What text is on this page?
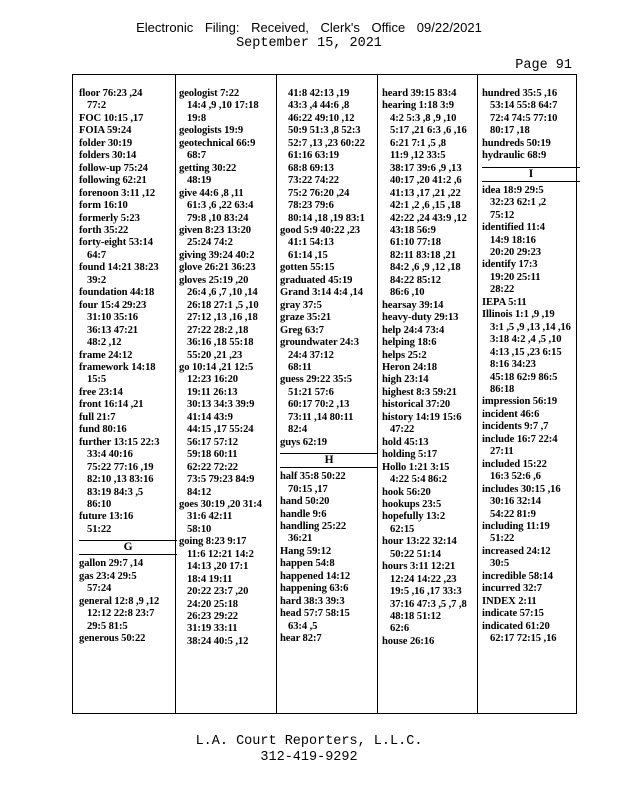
Electronic Filing: Received, Clerk's Office 09/22/2021
September 15, 2021
Page 91
floor 76:23 ,24
77:2
FOC 10:15 ,17
FOIA 59:24
folder 30:19
folders 30:14
follow-up 75:24
following 62:21
forenoon 3:11 ,12
form 16:10
formerly 5:23
forth 35:22
forty-eight 53:14
64:7
found 14:21 38:23
39:2
foundation 44:18
four 15:4 29:23
31:10 35:16
36:13 47:21
48:2 ,12
frame 24:12
framework 14:18
15:5
free 23:14
front 16:14 ,21
full 21:7
fund 80:16
further 13:15 22:3
33:4 40:16
75:22 77:16 ,19
82:10 ,13 83:16
83:19 84:3 ,5
86:10
future 13:16
51:22
G
gallon 29:7 ,14
gas 23:4 29:5
57:24
general 12:8 ,9 ,12
12:12 22:8 23:7
29:5 81:5
generous 50:22
geologist 7:22
14:4 ,9 ,10 17:18
19:8
geologists 19:9
geotechnical 66:9
68:7
getting 30:22
48:19
give 44:6 ,8 ,11
61:3 ,6 ,22 63:4
79:8 ,10 83:24
given 8:23 13:20
25:24 74:2
giving 39:24 40:2
glove 26:21 36:23
gloves 25:19 ,20
26:4 ,6 ,7 ,10 ,14
26:18 27:1 ,5 ,10
27:12 ,13 ,16 ,18
27:22 28:2 ,18
36:16 ,18 55:18
55:20 ,21 ,23
go 10:14 ,21 12:5
12:23 16:20
19:11 26:13
30:13 34:3 39:9
41:14 43:9
44:15 ,17 55:24
56:17 57:12
59:18 60:11
62:22 72:22
73:5 79:23 84:9
84:12
goes 30:19 ,20 31:4
31:6 42:11
58:10
going 8:23 9:17
11:6 12:21 14:2
14:13 ,20 17:1
18:4 19:11
20:22 23:7 ,20
24:20 25:18
26:23 29:22
31:19 33:11
38:24 40:5 ,12
41:8 42:13 ,19
43:3 ,4 44:6 ,8
46:22 49:10 ,12
50:9 51:3 ,8 52:3
52:7 ,13 ,23 60:22
61:16 63:19
68:8 69:13
73:22 74:22
75:2 76:20 ,24
78:23 79:6
80:14 ,18 ,19 83:1
good 5:9 40:22 ,23
41:1 54:13
61:14 ,15
gotten 55:15
graduated 45:19
Grand 3:14 4:4 ,14
gray 37:5
graze 35:21
Greg 63:7
groundwater 24:3
24:4 37:12
68:11
guess 29:22 35:5
51:21 57:6
60:17 70:2 ,13
73:11 ,14 80:11
82:4
guys 62:19
H
half 35:8 50:22
70:15 ,17
hand 50:20
handle 9:6
handling 25:22
36:21
Hang 59:12
happen 54:8
happened 14:12
happening 63:6
hard 38:3 39:3
head 57:7 58:15
63:4 ,5
hear 82:7
heard 39:15 83:4
hearing 1:18 3:9
4:2 5:3 ,8 ,9 ,10
5:17 ,21 6:3 ,6 ,16
6:21 7:1 ,5 ,8
11:9 ,12 33:5
38:17 39:6 ,9 ,13
40:17 ,20 41:2 ,6
41:13 ,17 ,21 ,22
42:1 ,2 ,6 ,15 ,18
42:22 ,24 43:9 ,12
43:18 56:9
61:10 77:18
82:11 83:18 ,21
84:2 ,6 ,9 ,12 ,18
84:22 85:12
86:6 ,10
hearsay 39:14
heavy-duty 29:13
help 24:4 73:4
helping 18:6
helps 25:2
Heron 24:18
high 23:14
highest 8:3 59:21
historical 37:20
history 14:19 15:6
47:22
hold 45:13
holding 5:17
Hollo 1:21 3:15
4:22 5:4 86:2
hook 56:20
hookups 23:5
hopefully 13:2
62:15
hour 13:22 32:14
50:22 51:14
hours 3:11 12:21
12:24 14:22 ,23
19:5 ,16 ,17 33:3
37:16 47:3 ,5 ,7 ,8
48:18 51:12
62:6
house 26:16
hundred 35:5 ,16
53:14 55:8 64:7
72:4 74:5 77:10
80:17 ,18
hundreds 50:19
hydraulic 68:9
I
idea 18:9 29:5
32:23 62:1 ,2
75:12
identified 11:4
14:9 18:16
20:20 29:23
identify 17:3
19:20 25:11
28:22
IEPA 5:11
Illinois 1:1 ,9 ,19
3:1 ,5 ,9 ,13 ,14 ,16
3:18 4:2 ,4 ,5 ,10
4:13 ,15 ,23 6:15
8:16 34:23
45:18 62:9 86:5
86:18
impression 56:19
incident 46:6
incidents 9:7 ,7
include 16:7 22:4
27:11
included 15:22
16:3 52:6 ,6
includes 30:15 ,16
30:16 32:14
54:22 81:9
including 11:19
51:22
increased 24:12
30:5
incredible 58:14
incurred 32:7
INDEX 2:11
indicate 57:15
indicated 61:20
62:17 72:15 ,16
L.A. Court Reporters, L.L.C.
312-419-9292
